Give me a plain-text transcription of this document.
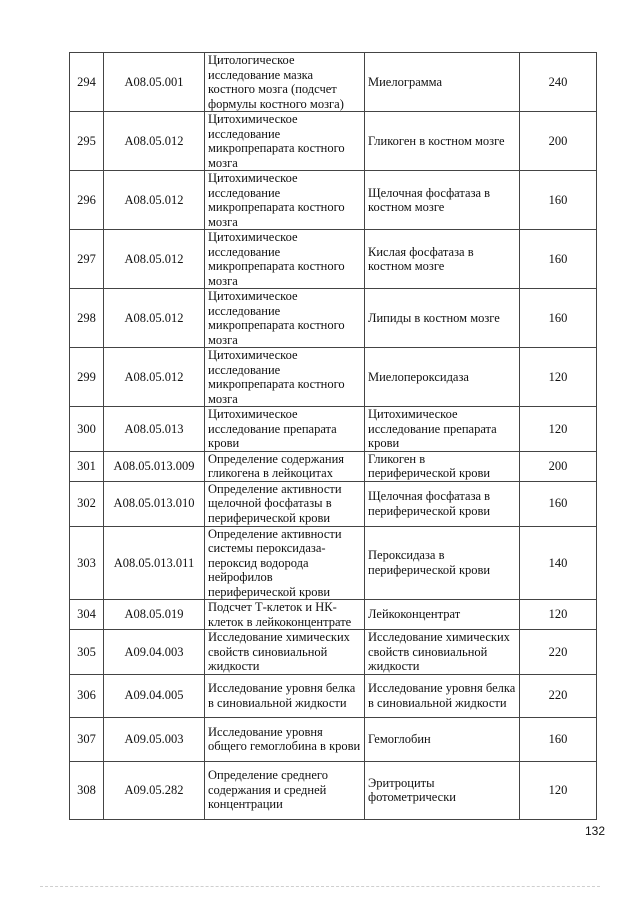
294	A08.05.001	Цитологическое исследование мазка костного мозга (подсчет формулы костного мозга)	Миелограмма	240
295	A08.05.012	Цитохимическое исследование микропрепарата костного мозга	Гликоген в костном мозге	200
296	A08.05.012	Цитохимическое исследование микропрепарата костного мозга	Щелочная фосфатаза в костном мозге	160
297	A08.05.012	Цитохимическое исследование микропрепарата костного мозга	Кислая фосфатаза в костном мозге	160
298	A08.05.012	Цитохимическое исследование микропрепарата костного мозга	Липиды в костном мозге	160
299	A08.05.012	Цитохимическое исследование микропрепарата костного мозга	Миелопероксидаза	120
300	A08.05.013	Цитохимическое исследование препарата крови	Цитохимическое исследование препарата крови	120
301	A08.05.013.009	Определение содержания гликогена в лейкоцитах	Гликоген в периферической крови	200
302	A08.05.013.010	Определение активности щелочной фосфатазы в периферической крови	Щелочная фосфатаза в периферической крови	160
303	A08.05.013.011	Определение активности системы пероксидаза-пероксид водорода нейрофилов периферической крови	Пероксидаза в периферической крови	140
304	A08.05.019	Подсчет Т-клеток и НК-клеток в лейкоконцентрате	Лейкоконцентрат	120
305	A09.04.003	Исследование химических свойств синовиальной жидкости	Исследование химических свойств синовиальной жидкости	220
306	A09.04.005	Исследование уровня белка в синовиальной жидкости	Исследование уровня белка в синовиальной жидкости	220
307	A09.05.003	Исследование уровня общего гемоглобина в крови	Гемоглобин	160
308	A09.05.282	Определение среднего содержания и средней концентрации	Эритроциты фотометрически	120
132
